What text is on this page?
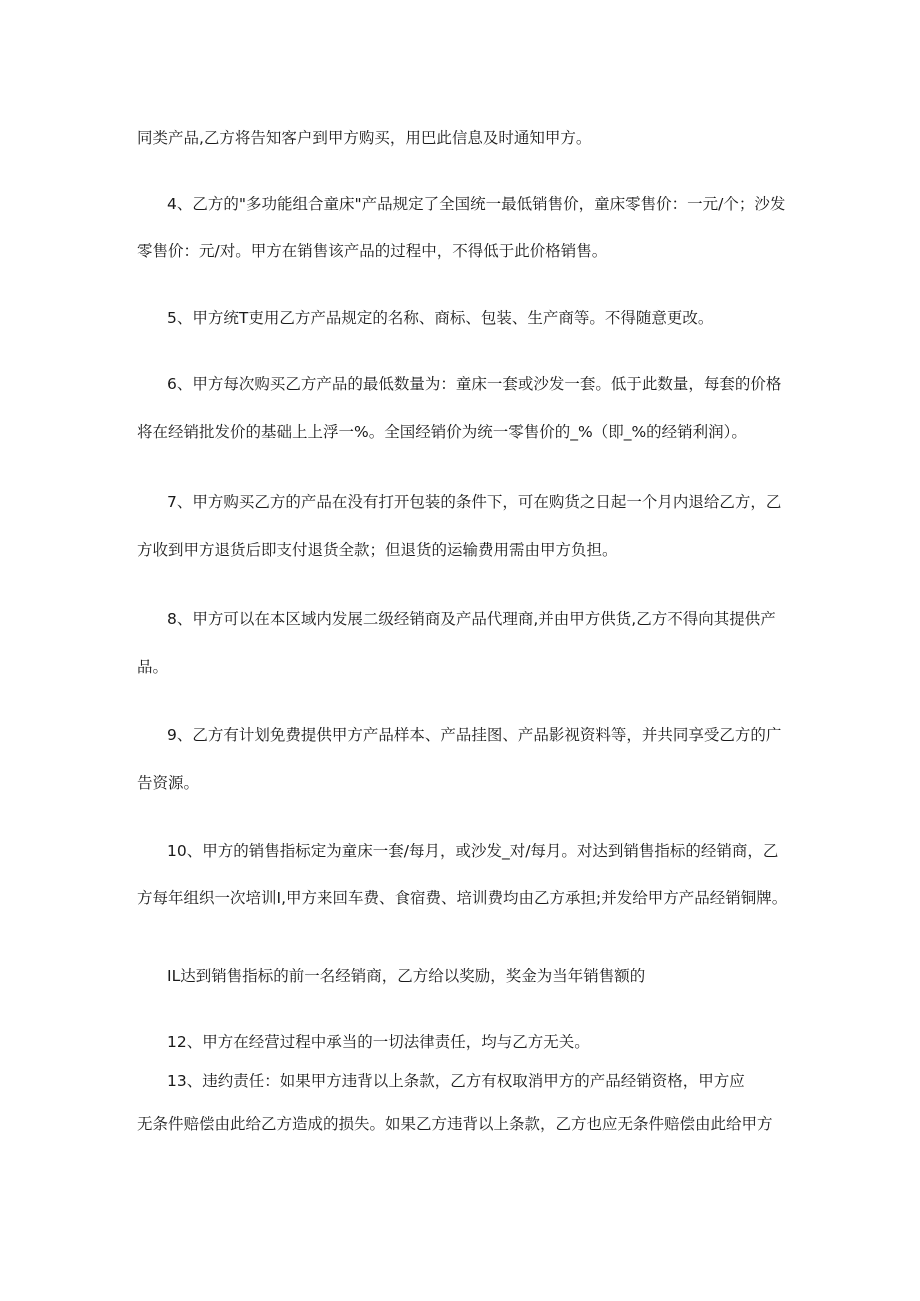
同类产品,乙方将告知客户到甲方购买，用巴此信息及时通知甲方。
4、乙方的"多功能组合童床"产品规定了全国统一最低销售价，童床零售价：一元/个；沙发
零售价：元/对。甲方在销售该产品的过程中，不得低于此价格销售。
5、甲方统T吏用乙方产品规定的名称、商标、包装、生产商等。不得随意更改。
6、甲方每次购买乙方产品的最低数量为：童床一套或沙发一套。低于此数量，每套的价格
将在经销批发价的基础上上浮一%。全国经销价为统一零售价的_%（即_%的经销利润）。
7、甲方购买乙方的产品在没有打开包装的条件下，可在购货之日起一个月内退给乙方，乙
方收到甲方退货后即支付退货全款；但退货的运输费用需由甲方负担。
8、甲方可以在本区域内发展二级经销商及产品代理商,并由甲方供货,乙方不得向其提供产
品。
9、乙方有计划免费提供甲方产品样本、产品挂图、产品影视资料等，并共同享受乙方的广
告资源。
10、甲方的销售指标定为童床一套/每月，或沙发_对/每月。对达到销售指标的经销商，乙
方每年组织一次培训I,甲方来回车费、食宿费、培训费均由乙方承担;并发给甲方产品经销铜牌。
IL达到销售指标的前一名经销商，乙方给以奖励，奖金为当年销售额的
12、甲方在经营过程中承当的一切法律责任，均与乙方无关。
13、违约责任：如果甲方违背以上条款，乙方有权取消甲方的产品经销资格，甲方应
无条件赔偿由此给乙方造成的损失。如果乙方违背以上条款，乙方也应无条件赔偿由此给甲方
